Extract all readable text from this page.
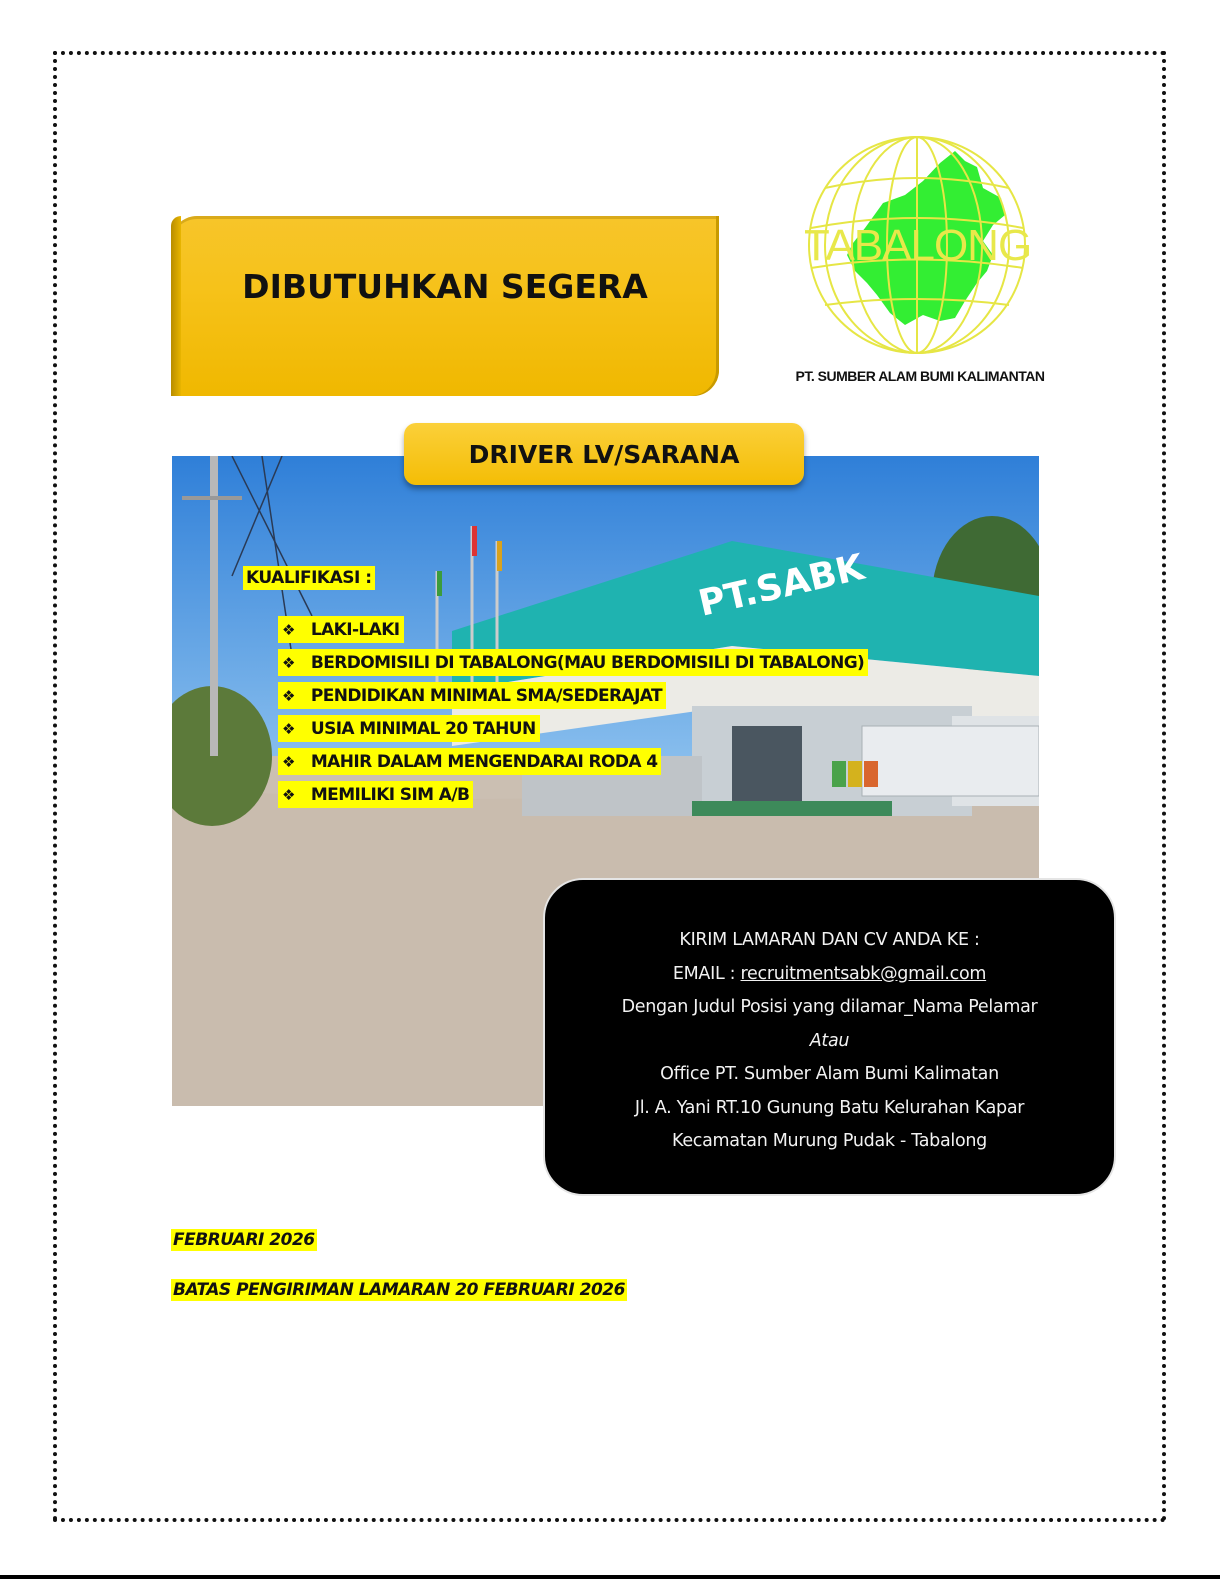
DIBUTUHKAN SEGERA
TABALONG
PT. SUMBER ALAM BUMI KALIMANTAN
PT.SABK
DRIVER LV/SARANA
KUALIFIKASI :
❖ LAKI-LAKI
❖ BERDOMISILI DI TABALONG(MAU BERDOMISILI DI TABALONG)
❖ PENDIDIKAN MINIMAL SMA/SEDERAJAT
❖ USIA MINIMAL 20 TAHUN
❖ MAHIR DALAM MENGENDARAI RODA 4
❖ MEMILIKI SIM A/B
KIRIM LAMARAN DAN CV ANDA KE :
EMAIL : recruitmentsabk@gmail.com
Dengan Judul Posisi yang dilamar_Nama Pelamar
Atau
Office PT. Sumber Alam Bumi Kalimatan
Jl. A. Yani RT.10 Gunung Batu Kelurahan Kapar
Kecamatan Murung Pudak - Tabalong
FEBRUARI 2026
BATAS PENGIRIMAN LAMARAN 20 FEBRUARI 2026
